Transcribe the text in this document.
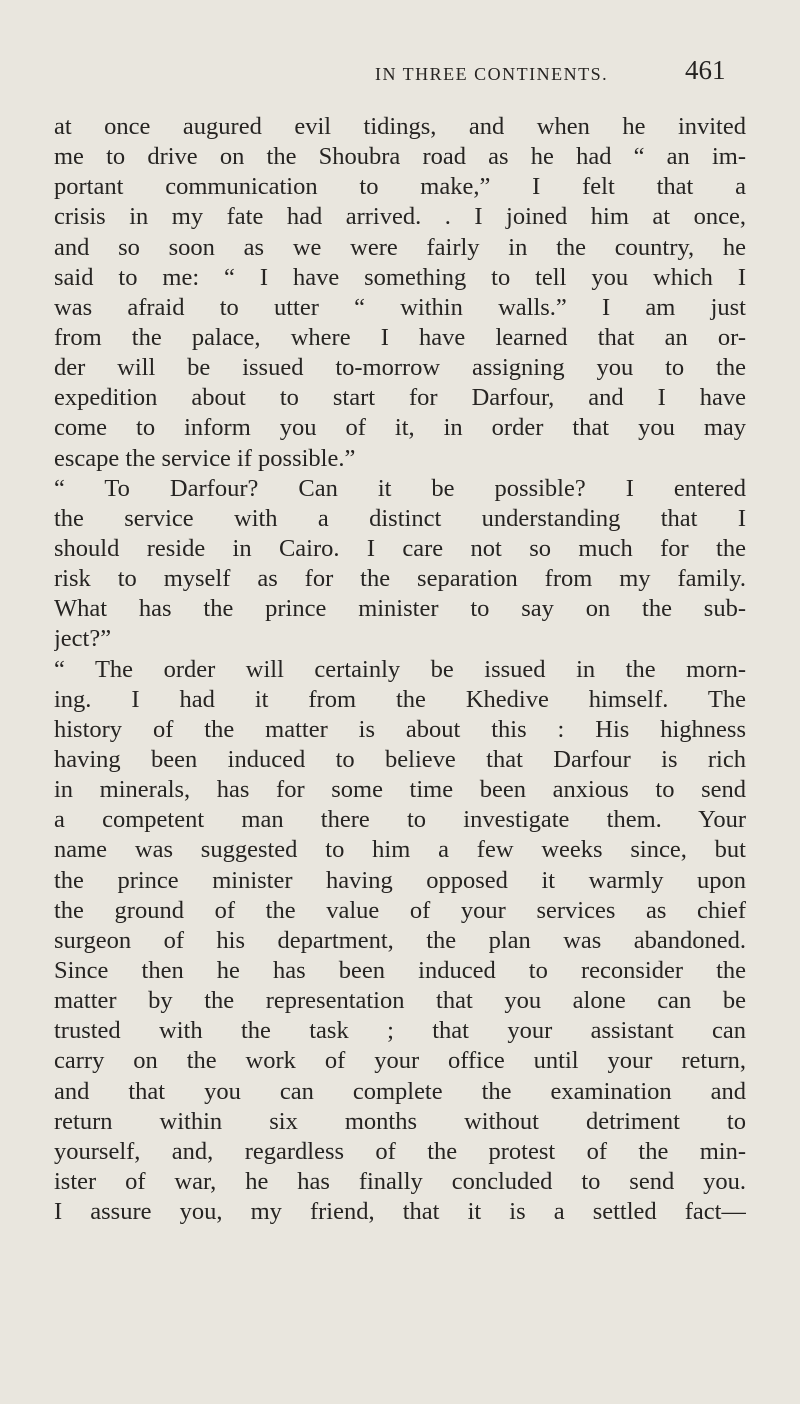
IN THREE CONTINENTS.	461
at once augured evil tidings, and when he invited
me to drive on the Shoubra road as he had “ an im-
portant communication to make,” I felt that a
crisis in my fate had arrived. . I joined him at once,
and so soon as we were fairly in the country, he
said to me: “ I have something to tell you which I
was afraid to utter “ within walls.” I am just
from the palace, where I have learned that an or-
der will be issued to-morrow assigning you to the
expedition about to start for Darfour, and I have
come to inform you of it, in order that you may
escape the service if possible.”
“ To Darfour? Can it be possible? I entered
the service with a distinct understanding that I
should reside in Cairo. I care not so much for the
risk to myself as for the separation from my family.
What has the prince minister to say on the sub-
ject?”
“ The order will certainly be issued in the morn-
ing. I had it from the Khedive himself. The
history of the matter is about this : His highness
having been induced to believe that Darfour is rich
in minerals, has for some time been anxious to send
a competent man there to investigate them. Your
name was suggested to him a few weeks since, but
the prince minister having opposed it warmly upon
the ground of the value of your services as chief
surgeon of his department, the plan was abandoned.
Since then he has been induced to reconsider the
matter by the representation that you alone can be
trusted with the task ; that your assistant can
carry on the work of your office until your return,
and that you can complete the examination and
return within six months without detriment to
yourself, and, regardless of the protest of the min-
ister of war, he has finally concluded to send you.
I assure you, my friend, that it is a settled fact—
